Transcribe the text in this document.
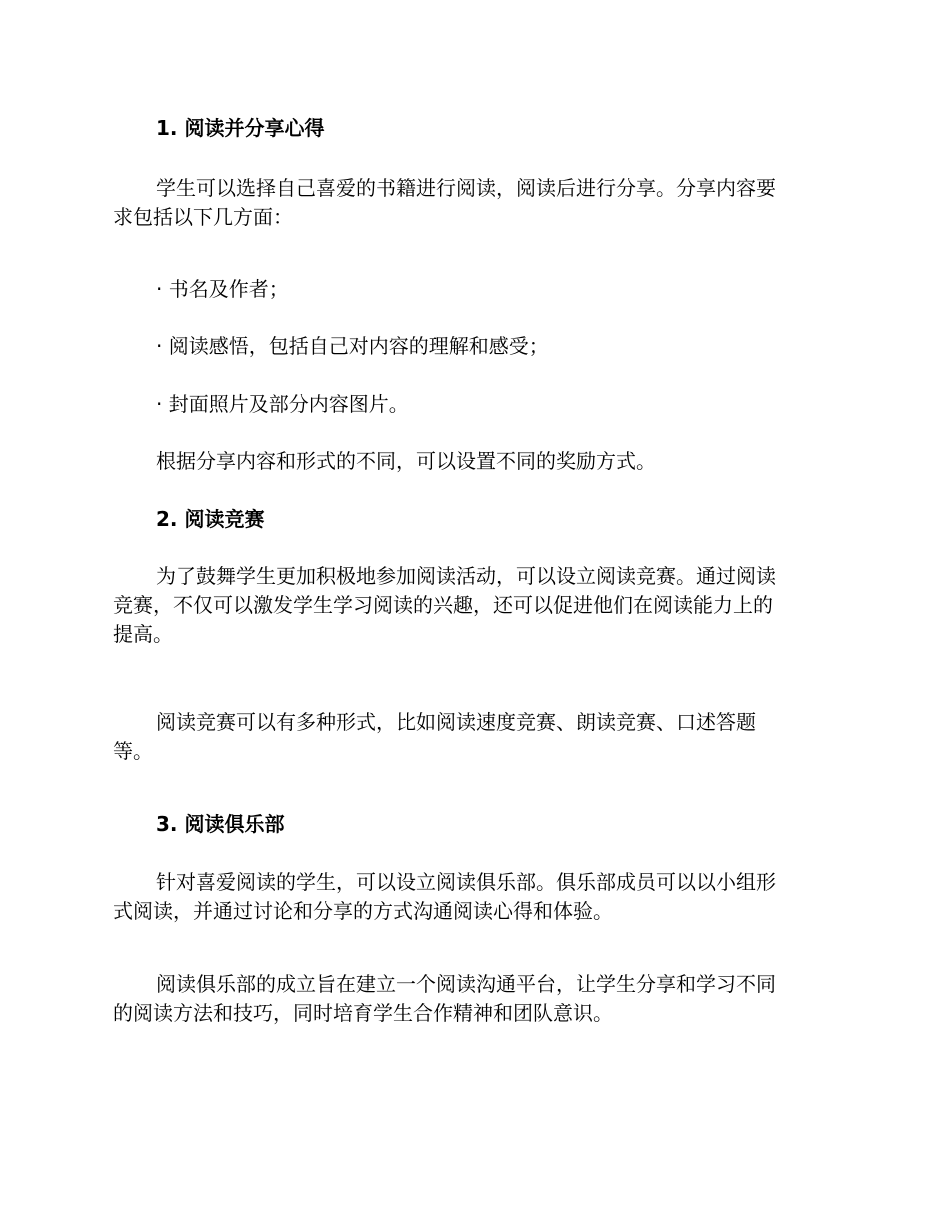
1. 阅读并分享心得
学生可以选择自己喜爱的书籍进行阅读，阅读后进行分享。分享内容要
求包括以下几方面：
· 书名及作者；
· 阅读感悟，包括自己对内容的理解和感受；
· 封面照片及部分内容图片。
根据分享内容和形式的不同，可以设置不同的奖励方式。
2. 阅读竞赛
为了鼓舞学生更加积极地参加阅读活动，可以设立阅读竞赛。通过阅读
竞赛，不仅可以激发学生学习阅读的兴趣，还可以促进他们在阅读能力上的
提高。
阅读竞赛可以有多种形式，比如阅读速度竞赛、朗读竞赛、口述答题
等。
3. 阅读俱乐部
针对喜爱阅读的学生，可以设立阅读俱乐部。俱乐部成员可以以小组形
式阅读，并通过讨论和分享的方式沟通阅读心得和体验。
阅读俱乐部的成立旨在建立一个阅读沟通平台，让学生分享和学习不同
的阅读方法和技巧，同时培育学生合作精神和团队意识。
